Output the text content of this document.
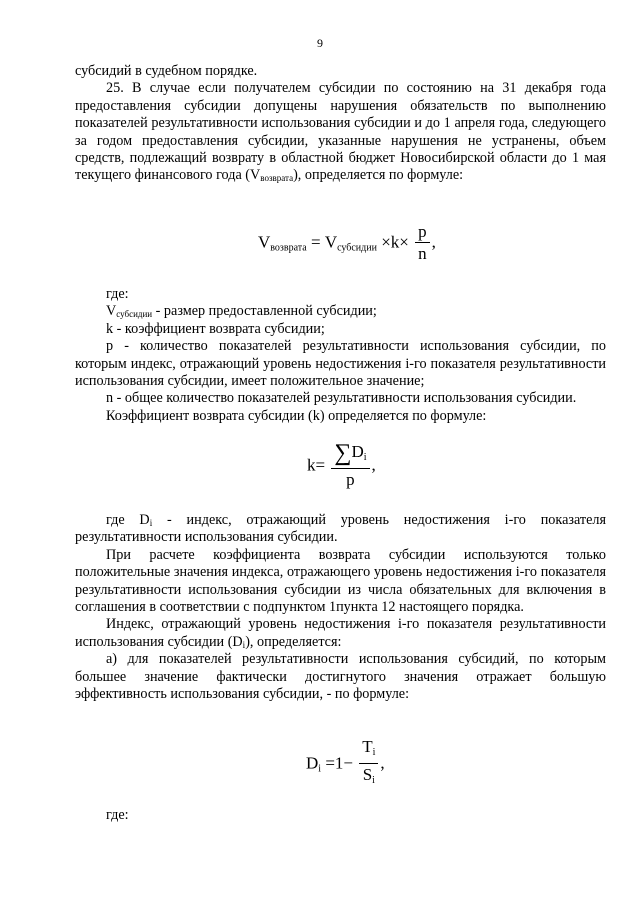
9

субсидий в судебном порядке.

25. В случае если получателем субсидии по состоянию на 31 декабря года предоставления субсидии допущены нарушения обязательств по выполнению показателей результативности использования субсидии и до 1 апреля года, следующего за годом предоставления субсидии, указанные нарушения не устранены, объем средств, подлежащий возврату в областной бюджет Новосибирской области до 1 мая текущего финансового года $(V_{возврата})$, определяется по формуле:

Vвозврата = Vсубсидии $\times k\times \frac{p}{n}$ ,

где:

$V_{субсидии}$ - размер предоставленной субсидии;

k - коэффициент возврата субсидии;

p - количество показателей результативности использования субсидии, по которым индекс, отражающий уровень недостижения i-го показателя результативности использования субсидии, имеет положительное значение;

n - общее количество показателей результативности использования субсидии.

Коэффициент возврата субсидии (k) определяется по формуле:

$k= \frac{\sum Di}{p}$ ,

где $D_i$ - индекс, отражающий уровень недостижения i-го показателя результативности использования субсидии.

При расчете коэффициента возврата субсидии используются только положительные значения индекса, отражающего уровень недостижения i-го показателя результативности использования субсидии из числа обязательных для включения в соглашения в соответствии с подпунктом 1пункта 12 настоящего порядка.

Индекс, отражающий уровень недостижения i-го показателя результативности использования субсидии $(D_i)$, определяется:

а) для показателей результативности использования субсидий, по которым большее значение фактически достигнутого значения отражает большую эффективность использования субсидии, - по формуле:

$Di =1- \frac{Ti}{Si}$ ,

где:
